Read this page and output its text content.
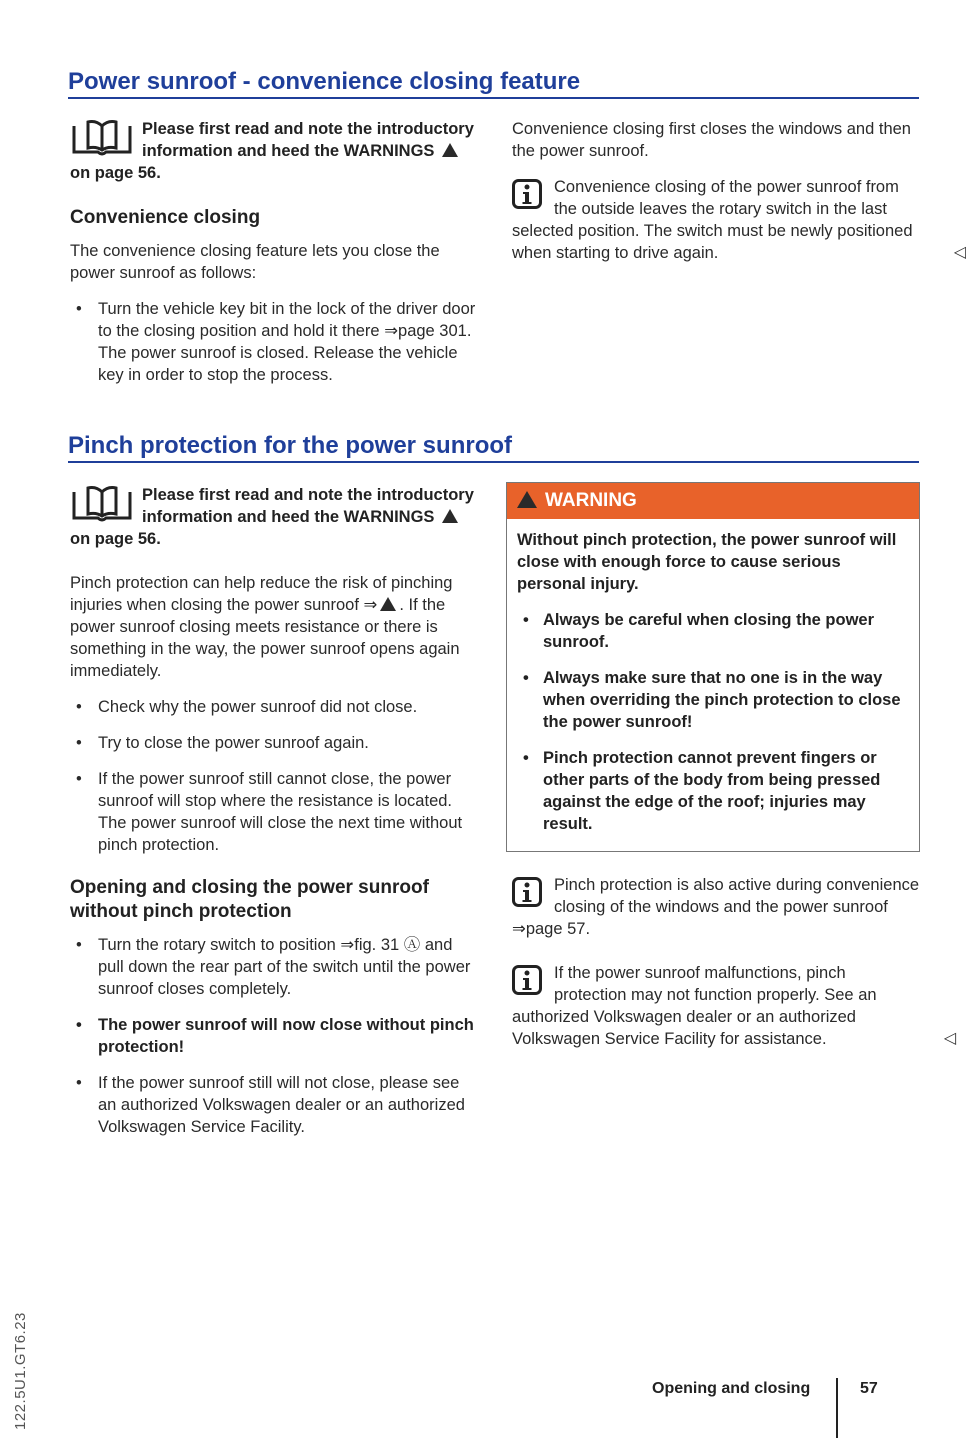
122.5U1.GT6.23
Power sunroof - convenience closing feature
Please first read and note the introductory information and heed the WARNINGS  on page 56.
Convenience closing

The convenience closing feature lets you close the power sunroof as follows:

• Turn the vehicle key bit in the lock of the driver door to the closing position and hold it there ⇒page 301. The power sunroof is closed. Release the vehicle key in order to stop the process.

Convenience closing first closes the windows and then the power sunroof.

Convenience closing of the power sunroof from the outside leaves the rotary switch in the last selected position. The switch must be newly positioned when starting to drive again.	◁
Pinch protection for the power sunroof
Please first read and note the introductory information and heed the WARNINGS  on page 56.

Pinch protection can help reduce the risk of pinching injuries when closing the power sunroof ⇒ . If the power sunroof closing meets resistance or there is something in the way, the power sunroof opens again immediately.

• Check why the power sunroof did not close.
• Try to close the power sunroof again.
• If the power sunroof still cannot close, the power sunroof will stop where the resistance is located. The power sunroof will close the next time without pinch protection.
Opening and closing the power sunroof without pinch protection
• Turn the rotary switch to position ⇒fig. 31 Ⓐ and pull down the rear part of the switch until the power sunroof closes completely.
• The power sunroof will now close without pinch protection!
• If the power sunroof still will not close, please see an authorized Volkswagen dealer or an authorized Volkswagen Service Facility.
WARNING

Without pinch protection, the power sunroof will close with enough force to cause serious personal injury.

• Always be careful when closing the power sunroof.
• Always make sure that no one is in the way when overriding the pinch protection to close the power sunroof!
• Pinch protection cannot prevent fingers or other parts of the body from being pressed against the edge of the roof; injuries may result.
Pinch protection is also active during convenience closing of the windows and the power sunroof ⇒page 57.
If the power sunroof malfunctions, pinch protection may not function properly. See an authorized Volkswagen dealer or an authorized Volkswagen Service Facility for assistance.	◁
Opening and closing	57
